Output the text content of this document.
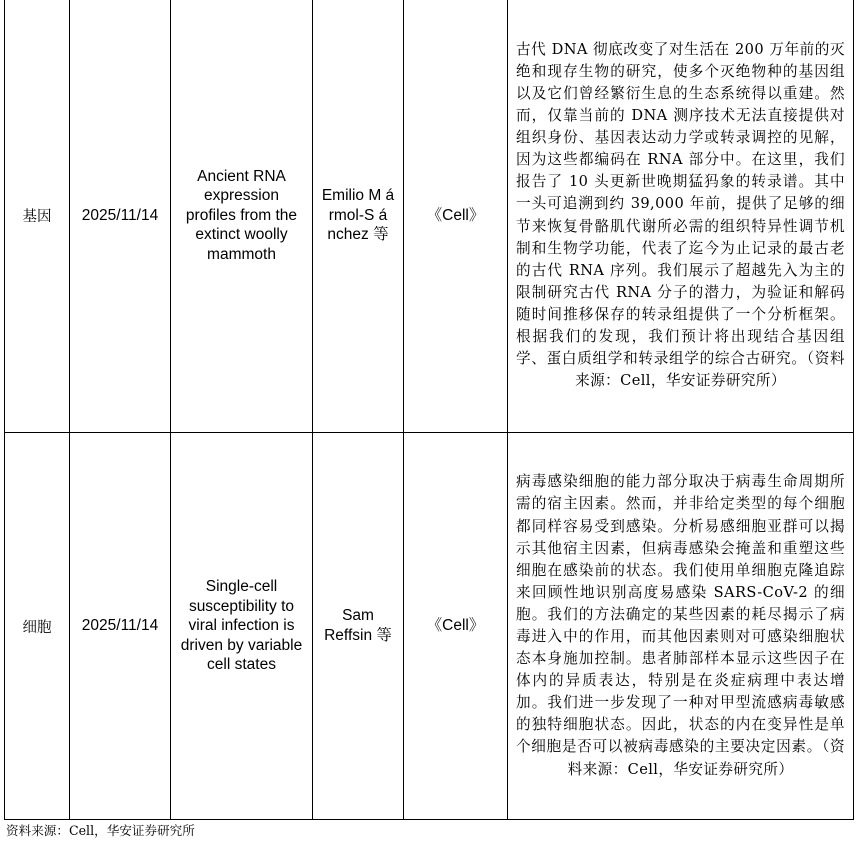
基因	2025/11/14	Ancient RNA expression profiles from the extinct woolly mammoth	Emilio M á rmol-S á nchez 等	《Cell》	古代 DNA 彻底改变了对生活在 200 万年前的灭绝和现存生物的研究，使多个灭绝物种的基因组以及它们曾经繁衍生息的生态系统得以重建。然而，仅靠当前的 DNA 测序技术无法直接提供对组织身份、基因表达动力学或转录调控的见解，因为这些都编码在 RNA 部分中。在这里，我们报告了 10 头更新世晚期猛犸象的转录谱。其中一头可追溯到约 39,000 年前，提供了足够的细节来恢复骨骼肌代谢所必需的组织特异性调节机制和生物学功能，代表了迄今为止记录的最古老的古代 RNA 序列。我们展示了超越先入为主的限制研究古代 RNA 分子的潜力，为验证和解码随时间推移保存的转录组提供了一个分析框架。根据我们的发现，我们预计将出现结合基因组学、蛋白质组学和转录组学的综合古研究。（资料来源：Cell，华安证券研究所）

细胞	2025/11/14	Single-cell susceptibility to viral infection is driven by variable cell states	Sam Reffsin 等	《Cell》	病毒感染细胞的能力部分取决于病毒生命周期所需的宿主因素。然而，并非给定类型的每个细胞都同样容易受到感染。分析易感细胞亚群可以揭示其他宿主因素，但病毒感染会掩盖和重塑这些细胞在感染前的状态。我们使用单细胞克隆追踪来回顾性地识别高度易感染 SARS-CoV-2 的细胞。我们的方法确定的某些因素的耗尽揭示了病毒进入中的作用，而其他因素则对可感染细胞状态本身施加控制。患者肺部样本显示这些因子在体内的异质表达，特别是在炎症病理中表达增加。我们进一步发现了一种对甲型流感病毒敏感的独特细胞状态。因此，状态的内在变异性是单个细胞是否可以被病毒感染的主要决定因素。（资料来源：Cell，华安证券研究所）
资料来源：Cell，华安证券研究所
